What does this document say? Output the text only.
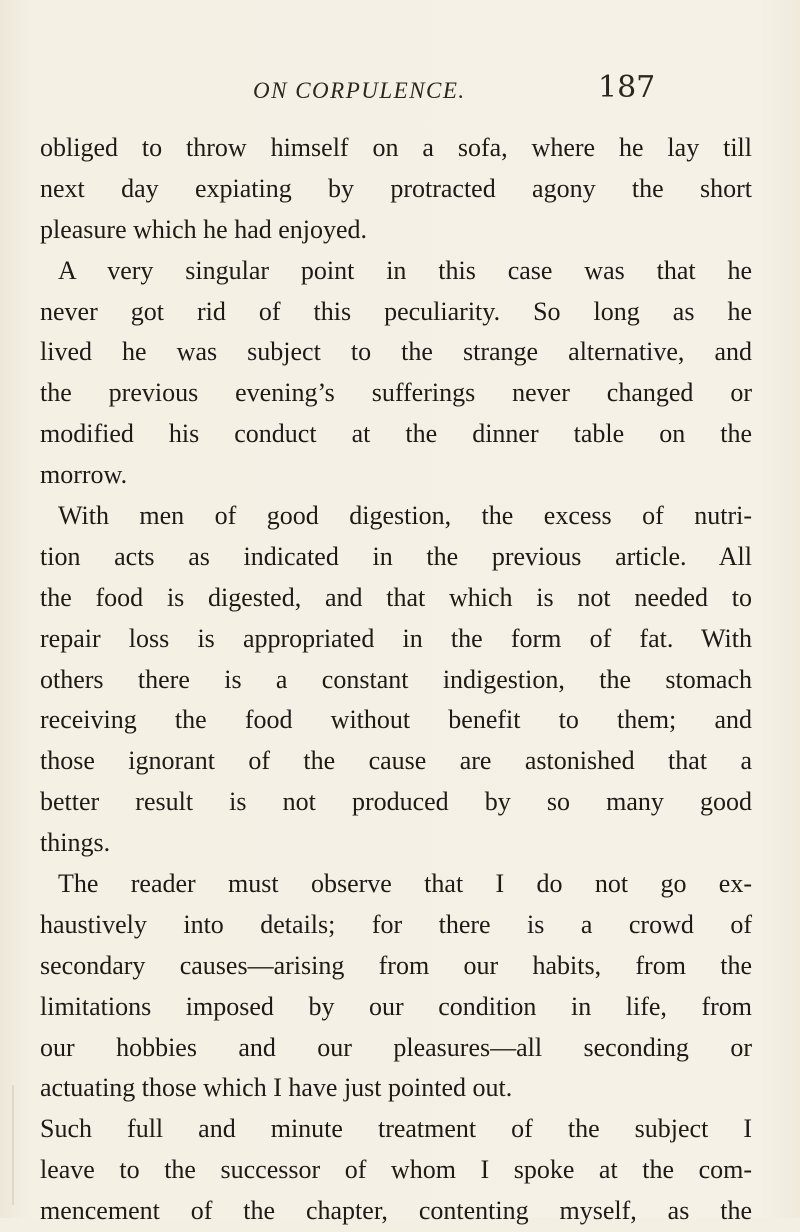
ON CORPULENCE.	187
obliged to throw himself on a sofa, where he lay till
next day expiating by protracted agony the short
pleasure which he had enjoyed.
A very singular point in this case was that he
never got rid of this peculiarity. So long as he
lived he was subject to the strange alternative, and
the previous evening’s sufferings never changed or
modified his conduct at the dinner table on the
morrow.
With men of good digestion, the excess of nutri-
tion acts as indicated in the previous article. All
the food is digested, and that which is not needed to
repair loss is appropriated in the form of fat. With
others there is a constant indigestion, the stomach
receiving the food without benefit to them; and
those ignorant of the cause are astonished that a
better result is not produced by so many good
things.
The reader must observe that I do not go ex-
haustively into details; for there is a crowd of
secondary causes—arising from our habits, from the
limitations imposed by our condition in life, from
our hobbies and our pleasures—all seconding or
actuating those which I have just pointed out.
Such full and minute treatment of the subject I
leave to the successor of whom I spoke at the com-
mencement of the chapter, contenting myself, as the
